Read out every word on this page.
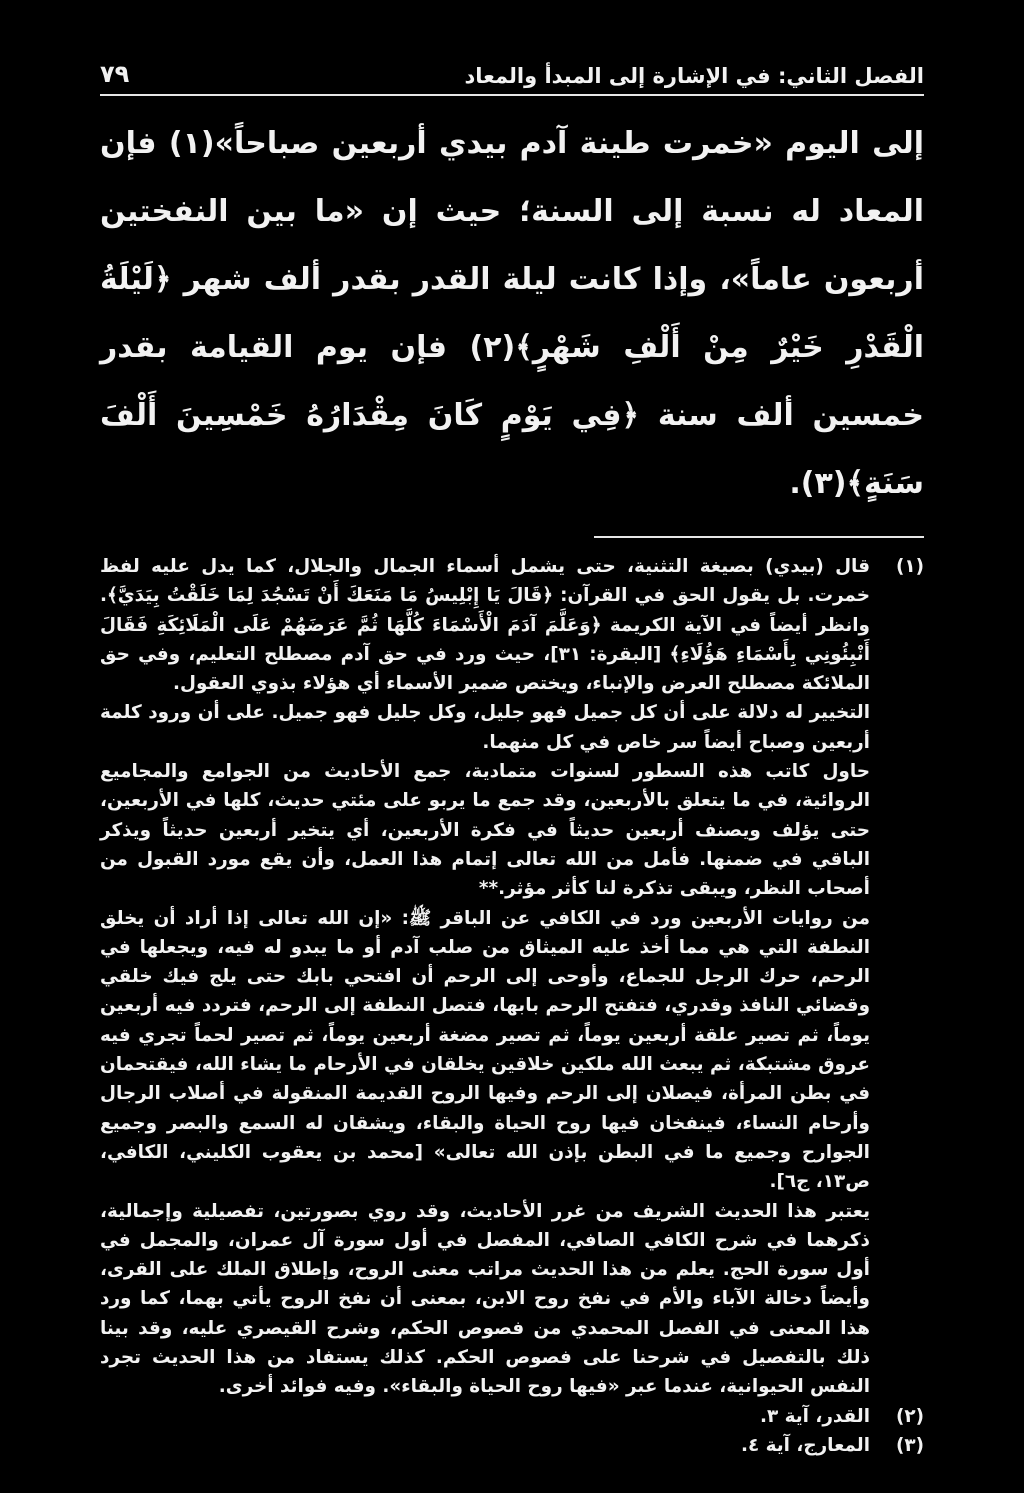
الفصل الثاني: في الإشارة إلى المبدأ والمعاد
٧٩

إلى اليوم «خمرت طينة آدم بيدي أربعين صباحاً»(١) فإن المعاد له نسبة إلى السنة؛ حيث إن «ما بين النفختين أربعون عاماً»، وإذا كانت ليلة القدر بقدر ألف شهر ﴿لَيْلَةُ الْقَدْرِ خَيْرٌ مِنْ أَلْفِ شَهْرٍ﴾(٢) فإن يوم القيامة بقدر خمسين ألف سنة ﴿فِي يَوْمٍ كَانَ مِقْدَارُهُ خَمْسِينَ أَلْفَ سَنَةٍ﴾(٣).

(١)

قال (بيدي) بصيغة التثنية، حتى يشمل أسماء الجمال والجلال، كما يدل عليه لفظ خمرت. بل يقول الحق في القرآن: ﴿قَالَ يَا إِبْلِيسُ مَا مَنَعَكَ أَنْ تَسْجُدَ لِمَا خَلَقْتُ بِيَدَيَّ﴾. وانظر أيضاً في الآية الكريمة ﴿وَعَلَّمَ آدَمَ الْأَسْمَاءَ كُلَّهَا ثُمَّ عَرَضَهُمْ عَلَى الْمَلَائِكَةِ فَقَالَ أَنْبِئُونِي بِأَسْمَاءِ هَؤُلَاءِ﴾ [البقرة: ٣١]، حيث ورد في حق آدم مصطلح التعليم، وفي حق الملائكة مصطلح العرض والإنباء، ويختص ضمير الأسماء أي هؤلاء بذوي العقول.

التخيير له دلالة على أن كل جميل فهو جليل، وكل جليل فهو جميل. على أن ورود كلمة أربعين وصباح أيضاً سر خاص في كل منهما.

حاول كاتب هذه السطور لسنوات متمادية، جمع الأحاديث من الجوامع والمجاميع الروائية، في ما يتعلق بالأربعين، وقد جمع ما يربو على مئتي حديث، كلها في الأربعين، حتى يؤلف ويصنف أربعين حديثاً في فكرة الأربعين، أي يتخير أربعين حديثاً ويذكر الباقي في ضمنها. فأمل من الله تعالى إتمام هذا العمل، وأن يقع مورد القبول من أصحاب النظر، ويبقى تذكرة لنا كأثر مؤثر.**

من روايات الأربعين ورد في الكافي عن الباقر ﷺ: «إن الله تعالى إذا أراد أن يخلق النطفة التي هي مما أخذ عليه الميثاق من صلب آدم أو ما يبدو له فيه، ويجعلها في الرحم، حرك الرجل للجماع، وأوحى إلى الرحم أن افتحي بابك حتى يلج فيك خلقي وقضائي النافذ وقدري، فتفتح الرحم بابها، فتصل النطفة إلى الرحم، فتردد فيه أربعين يوماً، ثم تصير علقة أربعين يوماً، ثم تصير مضغة أربعين يوماً، ثم تصير لحماً تجري فيه عروق مشتبكة، ثم يبعث الله ملكين خلاقين يخلقان في الأرحام ما يشاء الله، فيقتحمان في بطن المرأة، فيصلان إلى الرحم وفيها الروح القديمة المنقولة في أصلاب الرجال وأرحام النساء، فينفخان فيها روح الحياة والبقاء، ويشقان له السمع والبصر وجميع الجوارح وجميع ما في البطن بإذن الله تعالى» [محمد بن يعقوب الكليني، الكافي، ص١٣، ج٦].

يعتبر هذا الحديث الشريف من غرر الأحاديث، وقد روي بصورتين، تفصيلية وإجمالية، ذكرهما في شرح الكافي الصافي، المفصل في أول سورة آل عمران، والمجمل في أول سورة الحج. يعلم من هذا الحديث مراتب معنى الروح، وإطلاق الملك على القرى، وأيضاً دخالة الآباء والأم في نفخ روح الابن، بمعنى أن نفخ الروح يأتي بهما، كما ورد هذا المعنى في الفصل المحمدي من فصوص الحكم، وشرح القيصري عليه، وقد بينا ذلك بالتفصيل في شرحنا على فصوص الحكم. كذلك يستفاد من هذا الحديث تجرد النفس الحيوانية، عندما عبر «فيها روح الحياة والبقاء». وفيه فوائد أخرى.

(٢)

القدر، آية ٣.

(٣)

المعارج، آية ٤.
